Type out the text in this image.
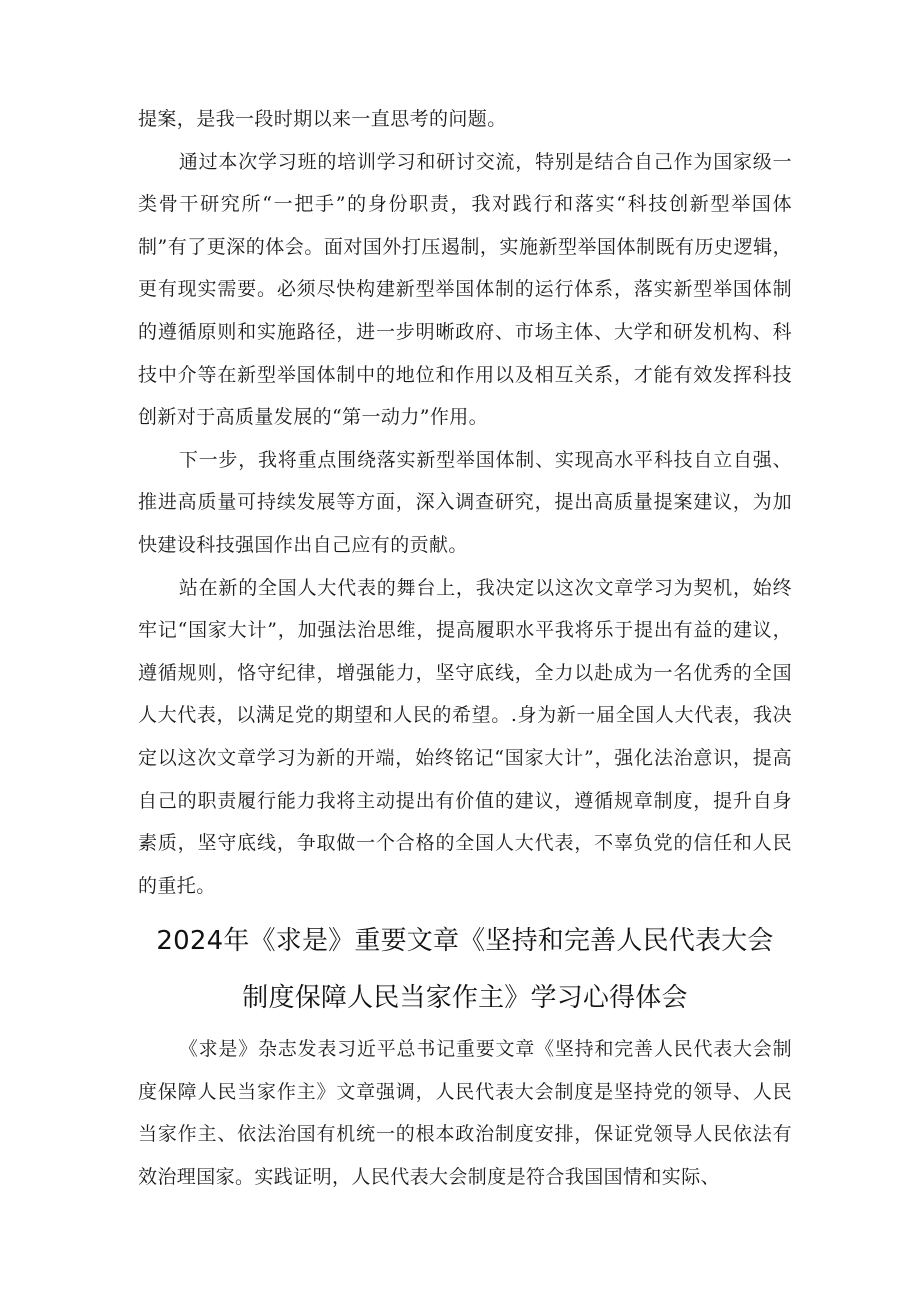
提案，是我一段时期以来一直思考的问题。

通过本次学习班的培训学习和研讨交流，特别是结合自己作为国家级一类骨干研究所“一把手”的身份职责，我对践行和落实“科技创新型举国体制”有了更深的体会。面对国外打压遏制，实施新型举国体制既有历史逻辑，更有现实需要。必须尽快构建新型举国体制的运行体系，落实新型举国体制的遵循原则和实施路径，进一步明晰政府、市场主体、大学和研发机构、科技中介等在新型举国体制中的地位和作用以及相互关系，才能有效发挥科技创新对于高质量发展的“第一动力”作用。

下一步，我将重点围绕落实新型举国体制、实现高水平科技自立自强、推进高质量可持续发展等方面，深入调查研究，提出高质量提案建议，为加快建设科技强国作出自己应有的贡献。

站在新的全国人大代表的舞台上，我决定以这次文章学习为契机，始终牢记“国家大计”，加强法治思维，提高履职水平我将乐于提出有益的建议，遵循规则，恪守纪律，增强能力，坚守底线，全力以赴成为一名优秀的全国人大代表，以满足党的期望和人民的希望。.身为新一届全国人大代表，我决定以这次文章学习为新的开端，始终铭记“国家大计”，强化法治意识，提高自己的职责履行能力我将主动提出有价值的建议，遵循规章制度，提升自身素质，坚守底线，争取做一个合格的全国人大代表，不辜负党的信任和人民的重托。

2024年《求是》重要文章《坚持和完善人民代表大会
制度保障人民当家作主》学习心得体会

《求是》杂志发表习近平总书记重要文章《坚持和完善人民代表大会制度保障人民当家作主》文章强调，人民代表大会制度是坚持党的领导、人民当家作主、依法治国有机统一的根本政治制度安排，保证党领导人民依法有效治理国家。实践证明，人民代表大会制度是符合我国国情和实际、
